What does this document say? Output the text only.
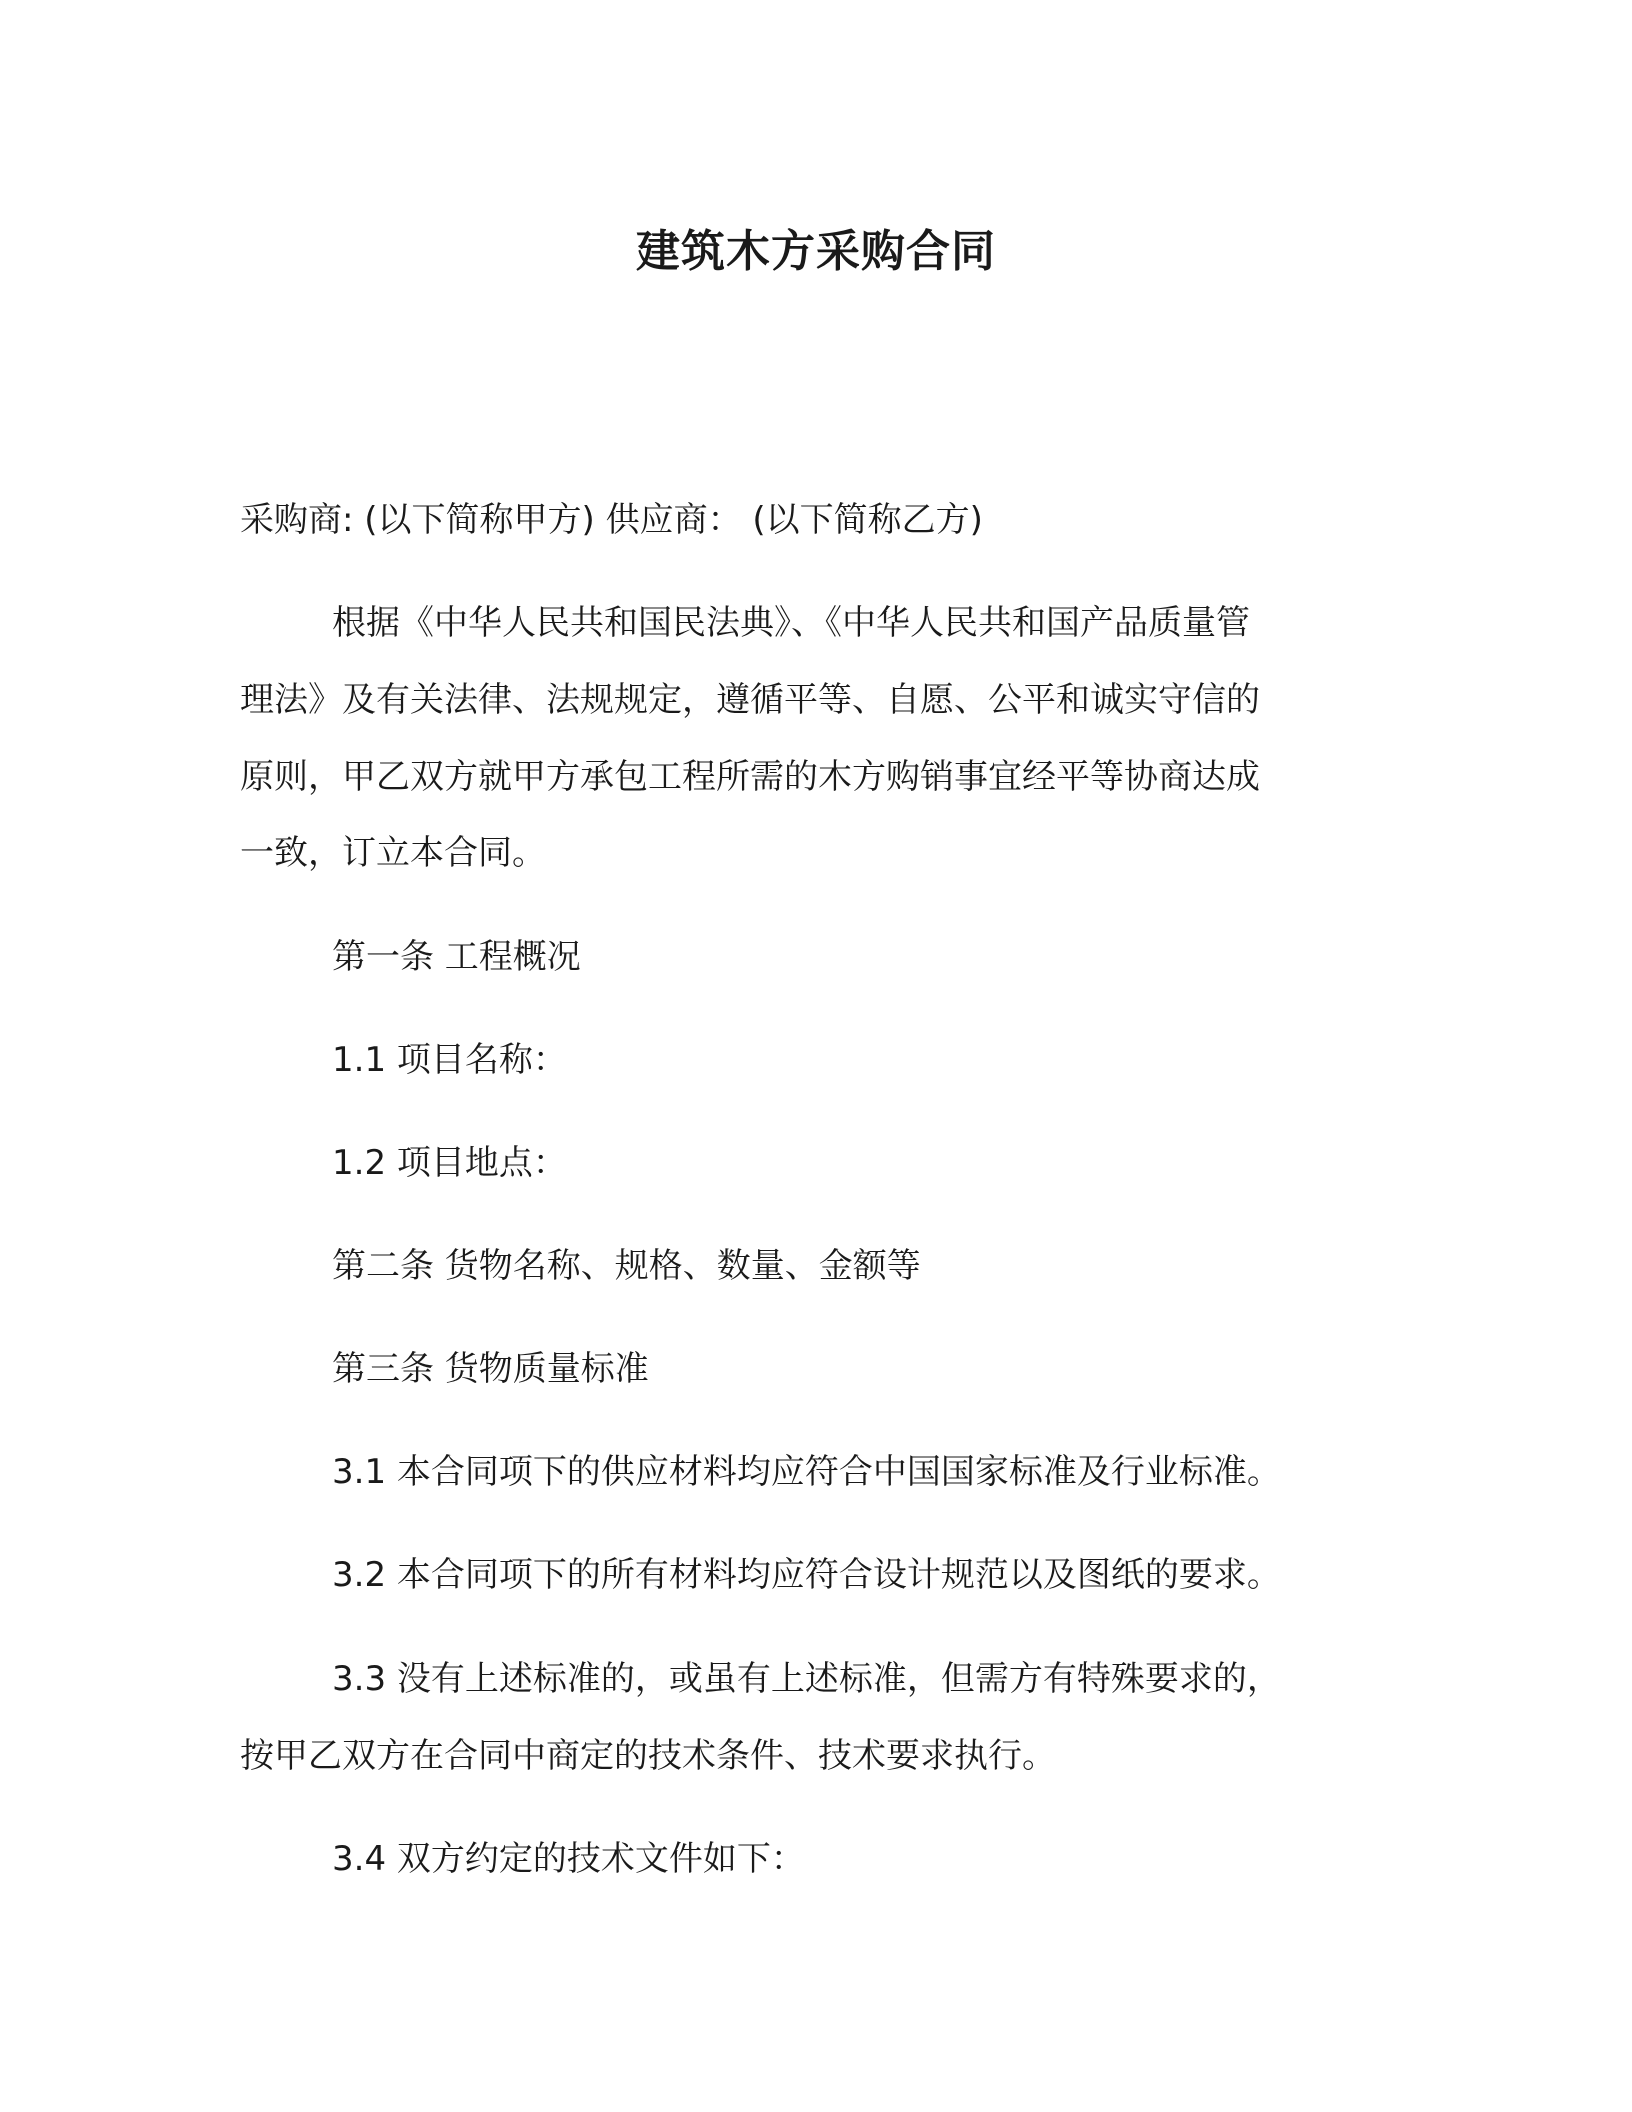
建筑木方采购合同
采购商: (以下简称甲方) 供应商： (以下简称乙方)
根据《中华人民共和国民法典》、《中华人民共和国产品质量管
理法》及有关法律、法规规定，遵循平等、自愿、公平和诚实守信的
原则，甲乙双方就甲方承包工程所需的木方购销事宜经平等协商达成
一致，订立本合同。
第一条 工程概况
1.1 项目名称：
1.2 项目地点：
第二条 货物名称、规格、数量、金额等
第三条 货物质量标准
3.1 本合同项下的供应材料均应符合中国国家标准及行业标准。
3.2 本合同项下的所有材料均应符合设计规范以及图纸的要求。
3.3 没有上述标准的，或虽有上述标准，但需方有特殊要求的，
按甲乙双方在合同中商定的技术条件、技术要求执行。
3.4 双方约定的技术文件如下：
